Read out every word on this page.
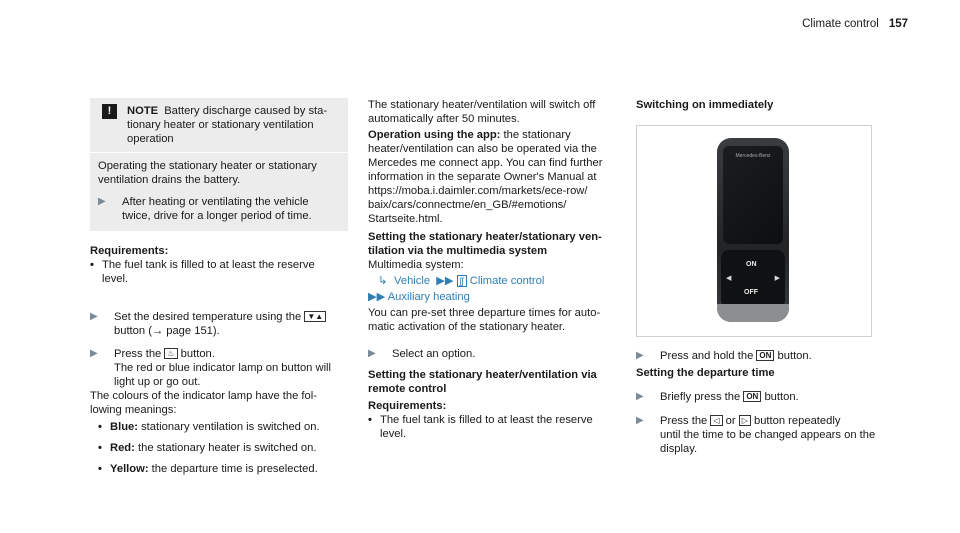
Climate control 157
!	NOTE Battery discharge caused by sta-

tionary heater or stationary ventilation

operation

Operating the stationary heater or stationary

ventilation drains the battery.

▶	After heating or ventilating the vehicle

twice, drive for a longer period of time.

Requirements:

• The fuel tank is filled to at least the reserve

level.

▶	Set the desired temperature using the ▼▲

button (→ page 151).

▶	Press the ♨ button.

The red or blue indicator lamp on button will

light up or go out.

The colours of the indicator lamp have the fol-

lowing meanings:

• Blue: stationary ventilation is switched on.

• Red: the stationary heater is switched on.

• Yellow: the departure time is preselected.

The stationary heater/ventilation will switch off

automatically after 50 minutes.

Operation using the app: the stationary

heater/ventilation can also be operated via the

Mercedes me connect app. You can find further

information in the separate Owner's Manual at

https://moba.i.daimler.com/markets/ece-row/

baix/cars/connectme/en_GB/#emotions/

Startseite.html.

Setting the stationary heater/stationary ven-

tilation via the multimedia system

Multimedia system:

↳ Vehicle ▶▶ ʃʃ Climate control

▶▶ Auxiliary heating

You can pre-set three departure times for auto-

matic activation of the stationary heater.

▶	Select an option.

Setting the stationary heater/ventilation via

remote control

Requirements:

• The fuel tank is filled to at least the reserve

level.

Switching on immediately

Mercedes-Benz
ON
◀	▶
OFF
▶	Press and hold the ON button.

Setting the departure time

▶	Briefly press the ON button.

▶	Press the ◁ or ▷ button repeatedly

until the time to be changed appears on the

display.
